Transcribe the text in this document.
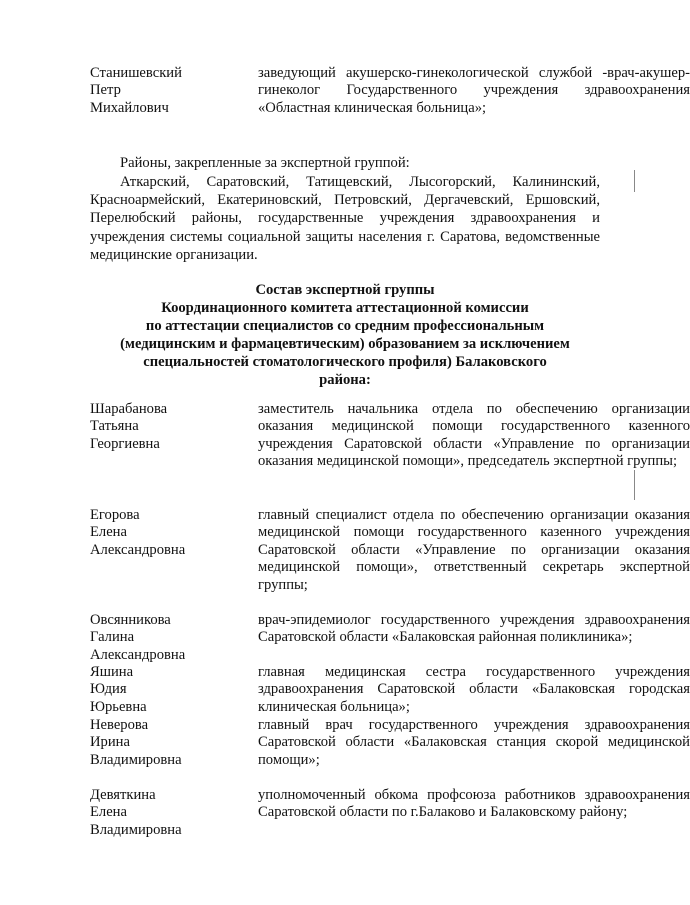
Станишевский
Петр
Михайлович
заведующий акушерско-гинекологической службой -врач-акушер-гинеколог Государственного учреждения здравоохранения «Областная клиническая больница»;
Районы, закрепленные за экспертной группой:
Аткарский, Саратовский, Татищевский, Лысогорский, Калининский, Красноармейский, Екатериновский, Петровский, Дергачевский, Ершовский, Перелюбский районы, государственные учреждения здравоохранения и учреждения системы социальной защиты населения г. Саратова, ведомственные медицинские организации.
Состав экспертной группы
Координационного комитета аттестационной комиссии
по аттестации специалистов со средним профессиональным
(медицинским и фармацевтическим) образованием за исключением
специальностей стоматологического профиля) Балаковского
района:
Шарабанова
Татьяна
Георгиевна
заместитель начальника отдела по обеспечению организации оказания медицинской помощи государственного казенного учреждения Саратовской области «Управление по организации оказания медицинской помощи», председатель экспертной группы;
Егорова
Елена
Александровна
главный специалист отдела по обеспечению организации оказания медицинской помощи государственного казенного учреждения Саратовской области «Управление по организации оказания медицинской помощи», ответственный секретарь экспертной группы;
Овсянникова
Галина
Александровна
врач-эпидемиолог государственного учреждения здравоохранения Саратовской области «Балаковская районная поликлиника»;
Яшина
Юдия
Юрьевна
главная медицинская сестра государственного учреждения здравоохранения Саратовской области «Балаковская городская клиническая больница»;
Неверова
Ирина
Владимировна
главный врач государственного учреждения здравоохранения Саратовской области «Балаковская станция скорой медицинской помощи»;
Девяткина
Елена
Владимировна
уполномоченный обкома профсоюза работников здравоохранения Саратовской области по г.Балаково и Балаковскому району;
